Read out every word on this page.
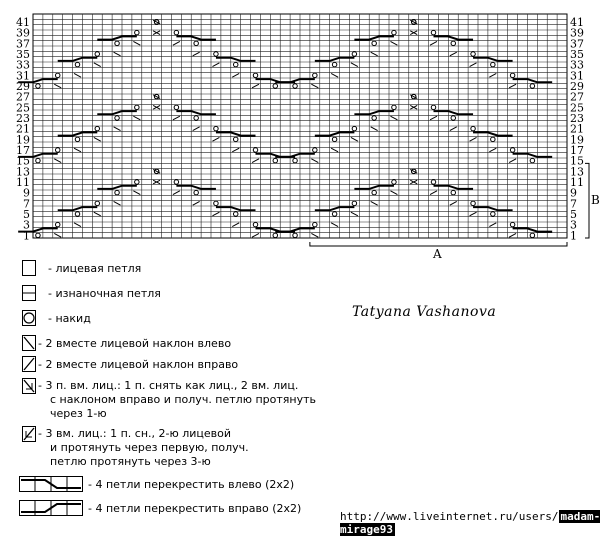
1	1
3	3
5	5
7	7
9	9
11	11
13	13
15	15
17	17
19	19
21	21
23	23
25	25
27	27
29	29
31	31
33	33
35	35
37	37
39	39
41	41
A
B
- лицевая петля
- изнаночная петля
- накид
- 2 вместе лицевой наклон влево
- 2 вместе лицевой наклон вправо
- 3 п. вм. лиц.: 1 п. снять как лиц., 2 вм. лиц.
с наклоном вправо и получ. петлю протянуть
через 1-ю
- 3 вм. лиц.: 1 п. сн., 2-ю лицевой
и протянуть через первую, получ.
петлю протянуть через 3-ю
- 4 петли перекрестить влево (2х2)
- 4 петли перекрестить вправо (2х2)
Tatyana Vashanova
http://www.liveinternet.ru/users/ madam-mirage93
